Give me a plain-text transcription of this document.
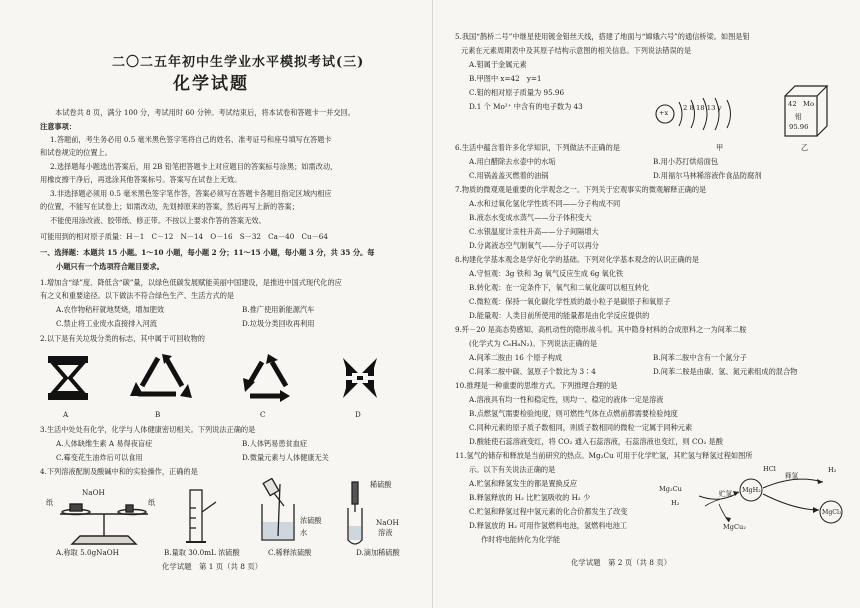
二〇二五年初中生学业水平模拟考试(三)
化学试题
本试卷共 8 页，满分 100 分，考试用时 60 分钟。考试结束后，将本试卷和答题卡一并交回。
注意事项：
1.答题前，考生务必用 0.5 毫米黑色签字笔将自己的姓名、准考证号和座号填写在答题卡
和试卷规定的位置上。
2.选择题每小题选出答案后，用 2B 铅笔把答题卡上对应题目的答案标号涂黑；如需改动，
用橡皮擦干净后，再选涂其他答案标号。答案写在试卷上无效。
3.非选择题必须用 0.5 毫米黑色签字笔作答，答案必须写在答题卡各题目指定区域内相应
的位置，不能写在试卷上；如需改动，先划掉原来的答案，然后再写上新的答案；
不能使用涂改液、胶带纸、修正带。不按以上要求作答的答案无效。
可能用到的相对原子质量：H－1　C－12　N－14　O－16　S－32　Ca－40　Cu－64
一、选择题：本题共 15 小题。1～10 小题，每小题 2 分；11～15 小题，每小题 3 分，共 35 分。每
小题只有一个选项符合题目要求。
1.增加含“绿”度、降低含“碳”量，以绿色低碳发展赋能美丽中国建设，是推进中国式现代化的应
有之义和重要途径。以下做法不符合绿色生产、生活方式的是
A.农作物秸秆就地焚烧，增加肥效	B.推广使用新能源汽车
C.禁止将工业废水直接排入河流	D.垃圾分类回收再利用
2.以下是有关垃圾分类的标志，其中属于可回收物的
A	B	C	D
3.生活中处处有化学，化学与人体健康密切相关。下列说法正确的是
A.人体缺维生素 A 易得夜盲症	B.人体钙易患贫血症
C.霉变花生油炸后可以食用	D.微量元素与人体健康无关
4.下列溶液配制及酸碱中和的实验操作，正确的是
NaOH
纸	纸
浓硫酸
水
稀硫酸
NaOH
溶液
A.称取 5.0gNaOH	B.量取 30.0mL 浓硫酸	C.稀释浓硫酸	D.滴加稀硫酸
化学试题　第 1 页（共 8 页）
5.我国“鹊桥二号”中继星使用镀金钼丝天线，搭建了地面与“嫦娥六号”的通信桥梁。如图是钼
元素在元素周期表中及其原子结构示意图的相关信息。下列说法错误的是
A.钼属于金属元素
B.甲图中 x=42　y=1
C.钼的相对原子质量为 95.96
D.1 个 Mo²⁺ 中含有的电子数为 43
+x
2 8 18 13 y	42 Mo
钼
95.96
甲	乙
6.生活中蕴含着许多化学知识，下列做法不正确的是
A.用白醋除去水壶中的水垢	B.用小苏打烘焙面包
C.用锅盖盖灭燃着的油锅	D.用福尔马林稀溶液作食品防腐剂
7.物质的微观观是重要的化学观念之一。下列关于宏观事实的微观解释正确的是
A.水和过氧化氢化学性质不同——分子构成不同
B.液态水变成水蒸气——分子体积变大
C.水银温度计汞柱升高——分子间隔增大
D.分离液态空气制氧气——分子可以再分
8.构建化学基本观念是学好化学的基础。下列对化学基本观念的认识正确的是
A.守恒观：3g 铁和 3g 氧气反应生成 6g 氧化铁
B.转化观：在一定条件下，氧气和二氧化碳可以相互转化
C.微粒观：保持一氧化碳化学性质的最小粒子是碳原子和氧原子
D.能量观：人类目前所使用的能量都是由化学反应提供的
9.歼－20 是高态势感知、高机动性的隐形战斗机。其中隐身材料的合成原料之一为间苯二胺
(化学式为 C₆H₈N₂)。下列说法正确的是
A.间苯二胺由 16 个原子构成	B.间苯二胺中含有一个氮分子
C.间苯二胺中碳、氢原子个数比为 3∶4	D.间苯二胺是由碳、氢、氮元素组成的混合物
10.推理是一种重要的思维方式。下列推理合理的是
A.溶液具有均一性和稳定性，则均一、稳定的液体一定是溶液
B.点燃氢气需要检验纯度，则可燃性气体在点燃前都需要检验纯度
C.同种元素的原子质子数相同，则质子数相同的微粒一定属于同种元素
D.酸能使石蕊溶液变红，将 CO₂ 通入石蕊溶液，石蕊溶液也变红，则 CO₂ 是酸
11.氢气的储存和释放是当前研究的热点。Mg₂Cu 可用于化学贮氢，其贮氢与释氢过程如图所
示。以下有关说法正确的是
A.贮氢和释氢发生的都是置换反应
B.释氢释放的 H₂ 比贮氢吸收的 H₂ 少
C.贮氢和释氢过程中氢元素的化合价都发生了改变
D.释氢放的 H₂ 可用作氢燃料电池，氢燃料电池工
作时将电能转化为化学能
Mg₂Cu
H₂
贮氢 MgH₂
HCl
释氢
H₂
MgCu₂
MgCl₂
化学试题　第 2 页（共 8 页）
